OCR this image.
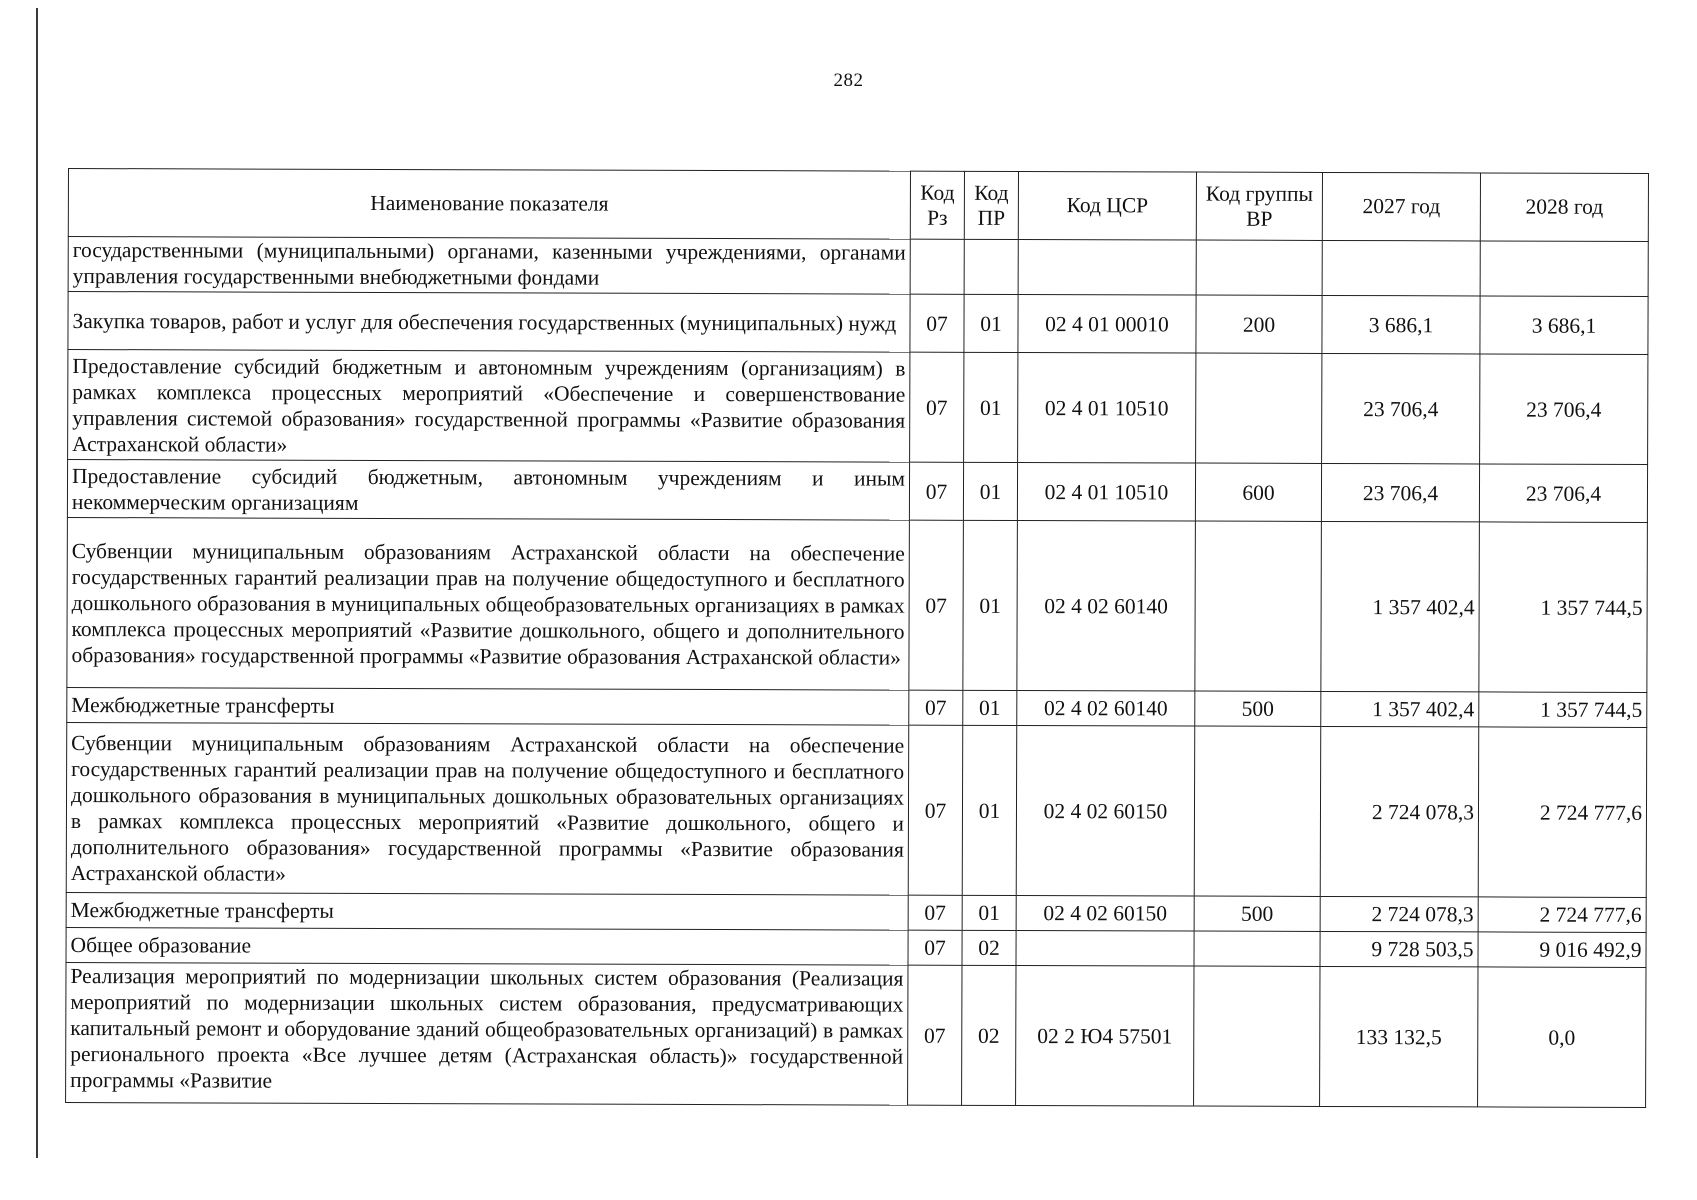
282
Наименование показателя	Код Рз	Код ПР	Код ЦСР	Код группы ВР	2027 год	2028 год
государственными (муниципальными) органами, казенными учреждениями, органами управления государственными внебюджетными фондами						
Закупка товаров, работ и услуг для обеспечения государственных (муниципальных) нужд	07	01	02 4 01 00010	200	3 686,1	3 686,1
Предоставление субсидий бюджетным и автономным учреждениям (организациям) в рамках комплекса процессных мероприятий «Обеспечение и совершенствование управления системой образования» государственной программы «Развитие образования Астраханской области»	07	01	02 4 01 10510		23 706,4	23 706,4
Предоставление субсидий бюджетным, автономным учреждениям и иным некоммерческим организациям	07	01	02 4 01 10510	600	23 706,4	23 706,4
Субвенции муниципальным образованиям Астраханской области на обеспечение государственных гарантий реализации прав на получение общедоступного и бесплатного дошкольного образования в муниципальных общеобразовательных организациях в рамках комплекса процессных мероприятий «Развитие дошкольного, общего и дополнительного образования» государственной программы «Развитие образования Астраханской области»	07	01	02 4 02 60140		1 357 402,4	1 357 744,5
Межбюджетные трансферты	07	01	02 4 02 60140	500	1 357 402,4	1 357 744,5
Субвенции муниципальным образованиям Астраханской области на обеспечение государственных гарантий реализации прав на получение общедоступного и бесплатного дошкольного образования в муниципальных дошкольных образовательных организациях в рамках комплекса процессных мероприятий «Развитие дошкольного, общего и дополнительного образования» государственной программы «Развитие образования Астраханской области»	07	01	02 4 02 60150		2 724 078,3	2 724 777,6
Межбюджетные трансферты	07	01	02 4 02 60150	500	2 724 078,3	2 724 777,6
Общее образование	07	02			9 728 503,5	9 016 492,9
Реализация мероприятий по модернизации школьных систем образования (Реализация мероприятий по модернизации школьных систем образования, предусматривающих капитальный ремонт и оборудование зданий общеобразовательных организаций) в рамках регионального проекта «Все лучшее детям (Астраханская область)» государственной программы «Развитие	07	02	02 2 Ю4 57501		133 132,5	0,0
